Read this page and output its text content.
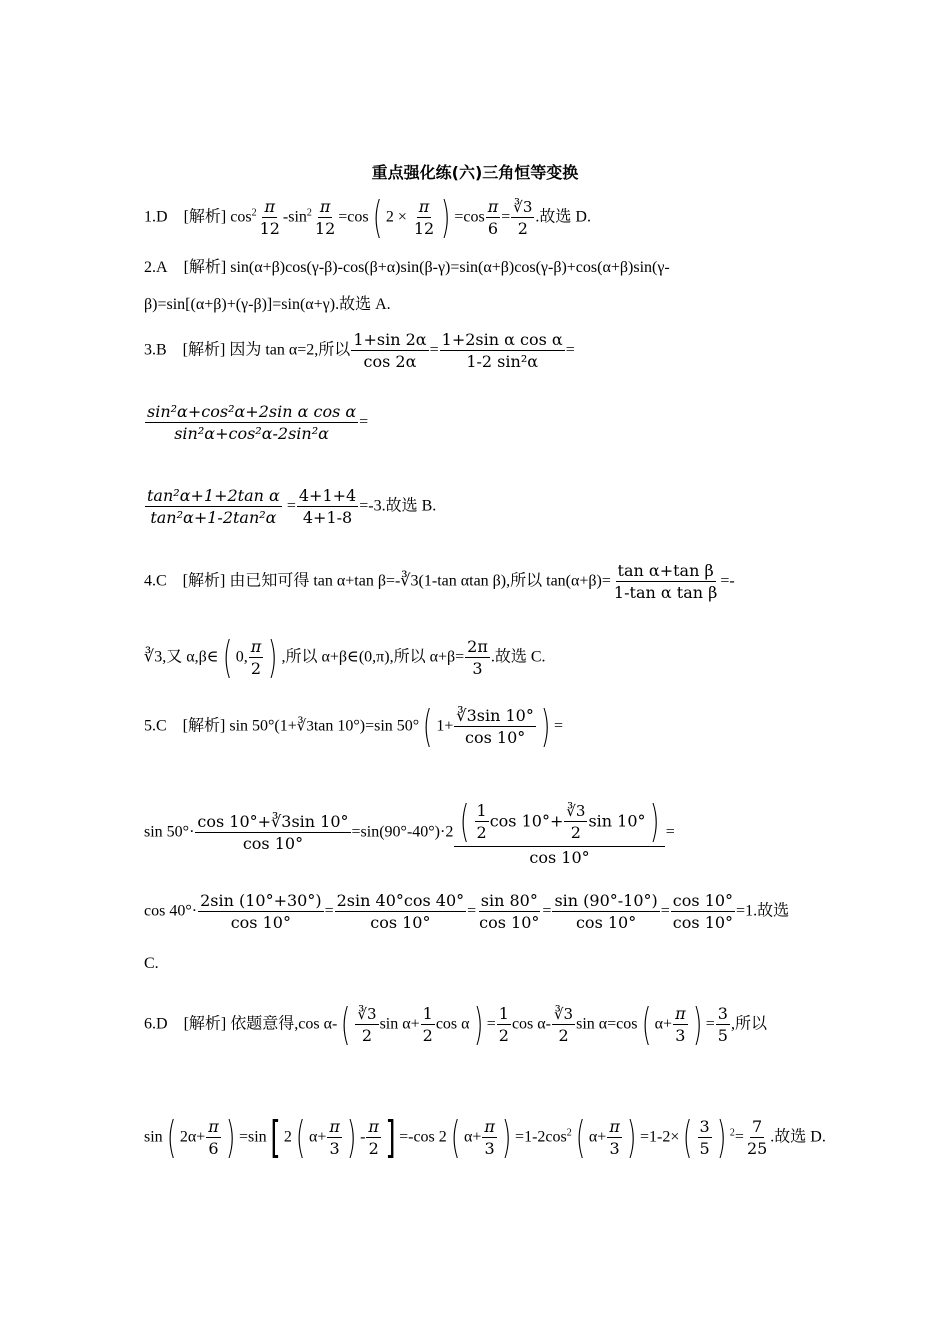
重点强化练(六)三角恒等变换
1.D [解析] $\cos^2 \frac{\pi}{12} -\sin^2 \frac{\pi}{12} =\cos$( $2 \times \frac{\pi}{12}$ ) $=\cos \frac{\pi}{6} = \frac{∛3}{2}$ .故选 D.
2.A [解析] sin(α+β)cos(γ-β)-cos(β+α)sin(β-γ)=sin(α+β)cos(γ-β)+cos(α+β)sin(γ-
β)=sin[(α+β)+(γ-β)]=sin(α+γ).故选 A.
3.B [解析] 因为 tan α=2,所以 $\frac{1+\sin 2\alpha}{\cos 2\alpha} = \frac{\text{1+2sin α cos α}}{\text{1-2 sin²α}}$ =
$\frac{\text{sin²α+cos²α+2sin α cos α}}{\text{sin²α+cos²α-2sin²α}}$ =
$\frac{\text{tan²α+1+2tan α}}{\text{tan²α+1-2tan²α}} = \frac{4+1+4}{4+1-8} =-3$.故选 B.
4.C [解析] 由已知可得 tan α+tan β=-∛3(1-tan αtan β),所以 $\tan(\alpha+\beta)= \frac{\text{tan α+tan β}}{\text{1-tan α tan β}}$ =-
∛3,又 α,β∈( 0, $\frac{\pi}{2}$ ) ,所以 α+β∈(0,π),所以 $\alpha+\beta= \frac{2\pi}{3}$ .故选 C.
5.C [解析] sin 50°(1+∛3tan 10°)=sin 50°( $1+ \frac{∛3\sin 10^\circ}{\cos 10^\circ}$ ) =
$\sin 50^\circ\cdot \frac{\cos 10^\circ+∛3\sin 10^\circ}{\cos 10^\circ} =\sin(90^\circ-40^\circ)\cdot 2 \frac{( \frac{1}{2} \cos 10^\circ+ \frac{∛3}{2} \sin 10^\circ)}{\cos 10^\circ}$ =
$\cos 40^\circ\cdot \frac{2\sin (10^\circ+30^\circ)}{\cos 10^\circ} = \frac{2\sin 40^\circ\cos 40^\circ}{\cos 10^\circ} = \frac{\sin 80^\circ}{\cos 10^\circ} = \frac{\sin (90^\circ-10^\circ)}{\cos 10^\circ} = \frac{\cos 10^\circ}{\cos 10^\circ} =1$.故选
C.
6.D [解析] 依题意得,cos $\alpha-( \frac{∛3}{2}$ $\sin \alpha+ \frac{1}{2}$ $\cos \alpha) = \frac{1}{2}$ $\cos \alpha- \frac{∛3}{2}$ sin α=cos( $\alpha+ \frac{\pi}{3}$ ) = $\frac{3}{5}$ ,所以
sin( $2\alpha+ \frac{\pi}{6}$ ) =sin[ 2( $\alpha+ \frac{\pi}{3}$ ) - $\frac{\pi}{2}$ ] =-cos 2( $\alpha+ \frac{\pi}{3}$ ) $=1-2\cos^2$( $\alpha+ \frac{\pi}{3}$ ) $=1-2\times( \frac{3}{5}$ ) $^2= \frac{7}{25}$ .故选 D.
